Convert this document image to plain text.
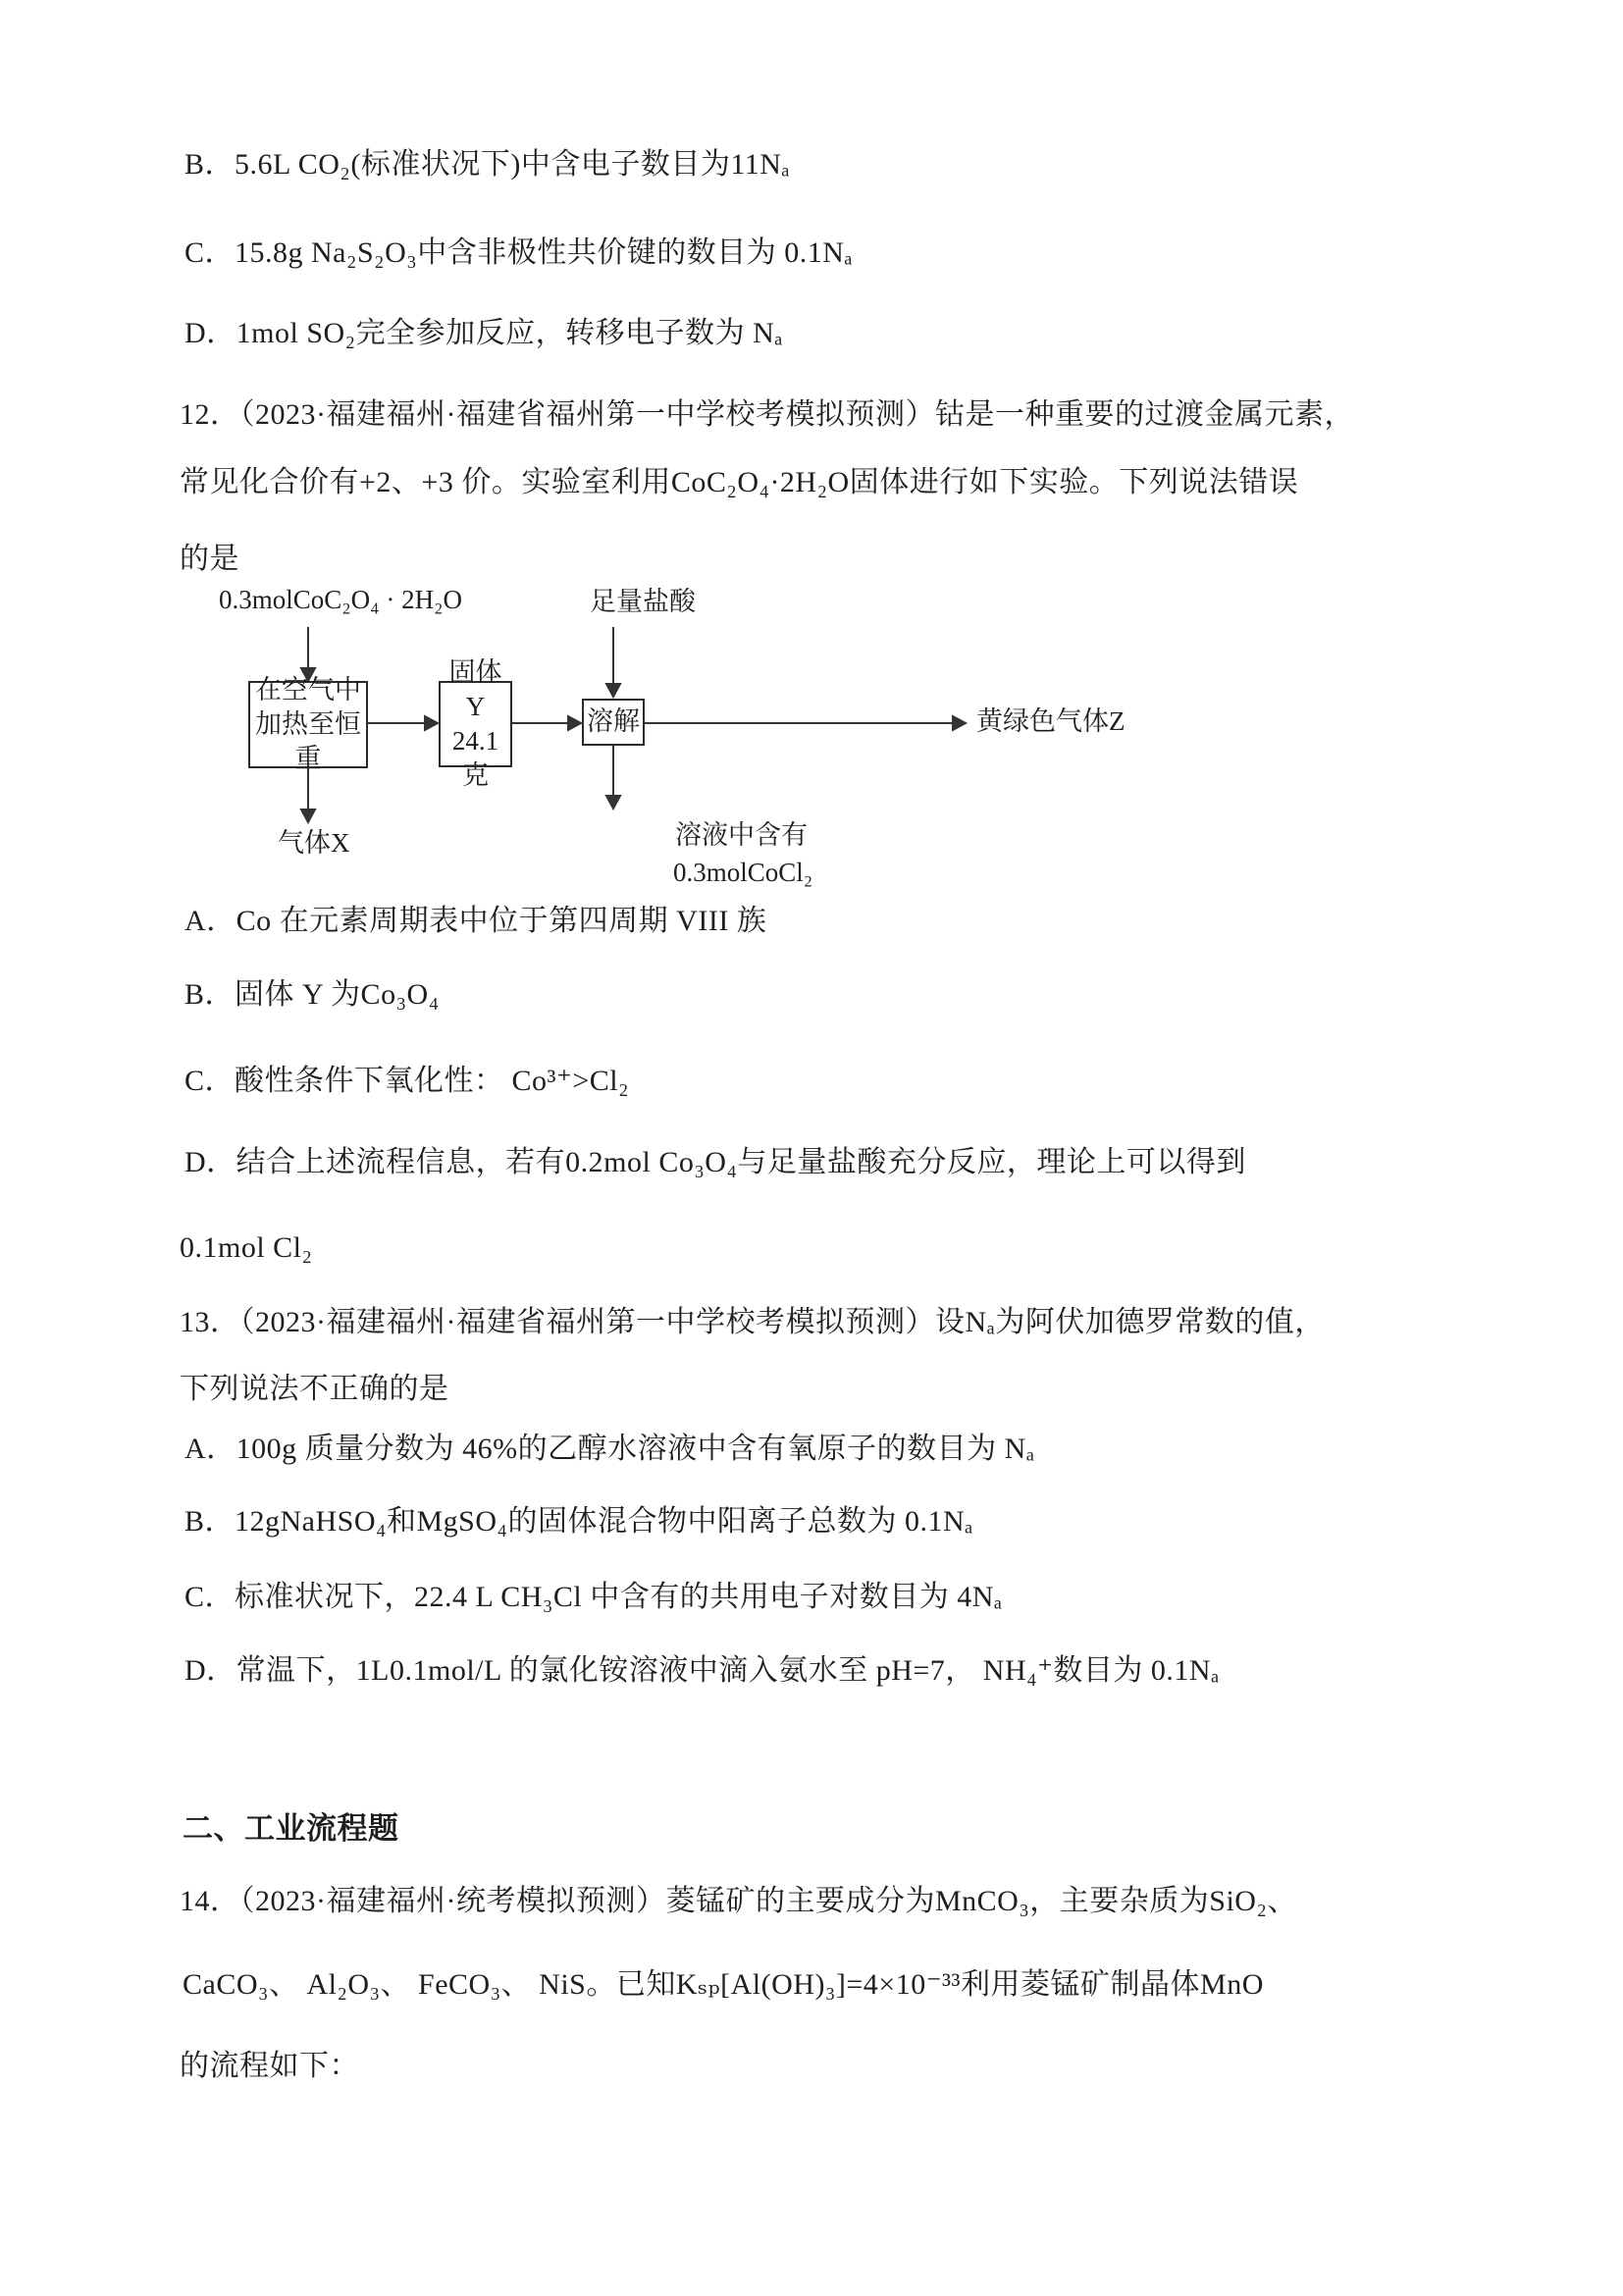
B．5.6L CO₂(标准状况下)中含电子数目为11Nₐ
C．15.8g Na₂S₂O₃中含非极性共价键的数目为 0.1Nₐ
D．1mol SO₂完全参加反应，转移电子数为 Nₐ
12．（2023·福建福州·福建省福州第一中学校考模拟预测）钴是一种重要的过渡金属元素，
常见化合价有+2、+3 价。实验室利用CoC₂O₄·2H₂O固体进行如下实验。下列说法错误
的是
0.3molCoC₂O₄ · 2H₂O	足量盐酸
在空气中
加热至恒重
固体Y
24.1克
溶解	黄绿色气体Z
气体X	溶液中含有
0.3molCoCl₂
A．Co 在元素周期表中位于第四周期 VIII 族
B．固体 Y 为Co₃O₄
C．酸性条件下氧化性： Co³⁺>Cl₂
D．结合上述流程信息，若有0.2mol Co₃O₄与足量盐酸充分反应，理论上可以得到
0.1mol Cl₂
13．（2023·福建福州·福建省福州第一中学校考模拟预测）设Nₐ为阿伏加德罗常数的值，
下列说法不正确的是
A．100g 质量分数为 46%的乙醇水溶液中含有氧原子的数目为 Nₐ
B．12gNaHSO₄和MgSO₄的固体混合物中阳离子总数为 0.1Nₐ
C．标准状况下，22.4 L CH₃Cl 中含有的共用电子对数目为 4Nₐ
D．常温下，1L0.1mol/L 的氯化铵溶液中滴入氨水至 pH=7， NH₄⁺数目为 0.1Nₐ
二、工业流程题
14．（2023·福建福州·统考模拟预测）菱锰矿的主要成分为MnCO₃，主要杂质为SiO₂、
CaCO₃、 Al₂O₃、 FeCO₃、 NiS。已知Kₛₚ[Al(OH)₃]=4×10⁻³³利用菱锰矿制晶体MnO
的流程如下：
